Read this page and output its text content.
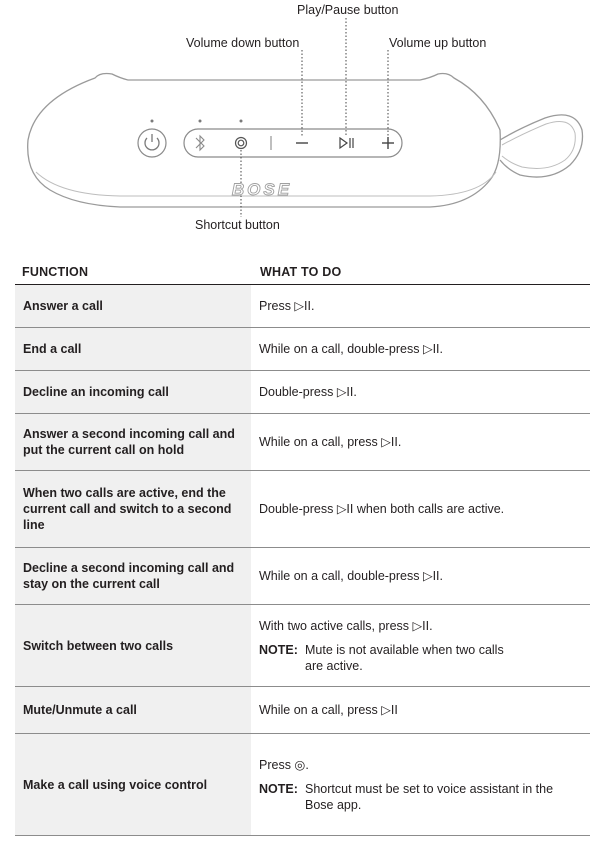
BOSE
Play/Pause button
Volume down button	Volume up button
Shortcut button
FUNCTION	WHAT TO DO
Answer a call	Press ▷II.
End a call	While on a call, double-press ▷II.
Decline an incoming call	Double-press ▷II.
Answer a second incoming call and put the current call on hold	While on a call, press ▷II.
When two calls are active, end the current call and switch to a second line	Double-press ▷II when both calls are active.
Decline a second incoming call and stay on the current call	While on a call, double-press ▷II.
Switch between two calls	With two active calls, press ▷II.
NOTE: Mute is not available when two calls
are active.

Mute/Unmute a call	While on a call, press ▷II
Make a call using voice control	Press ◎.
NOTE: Shortcut must be set to voice assistant in the
Bose app.
